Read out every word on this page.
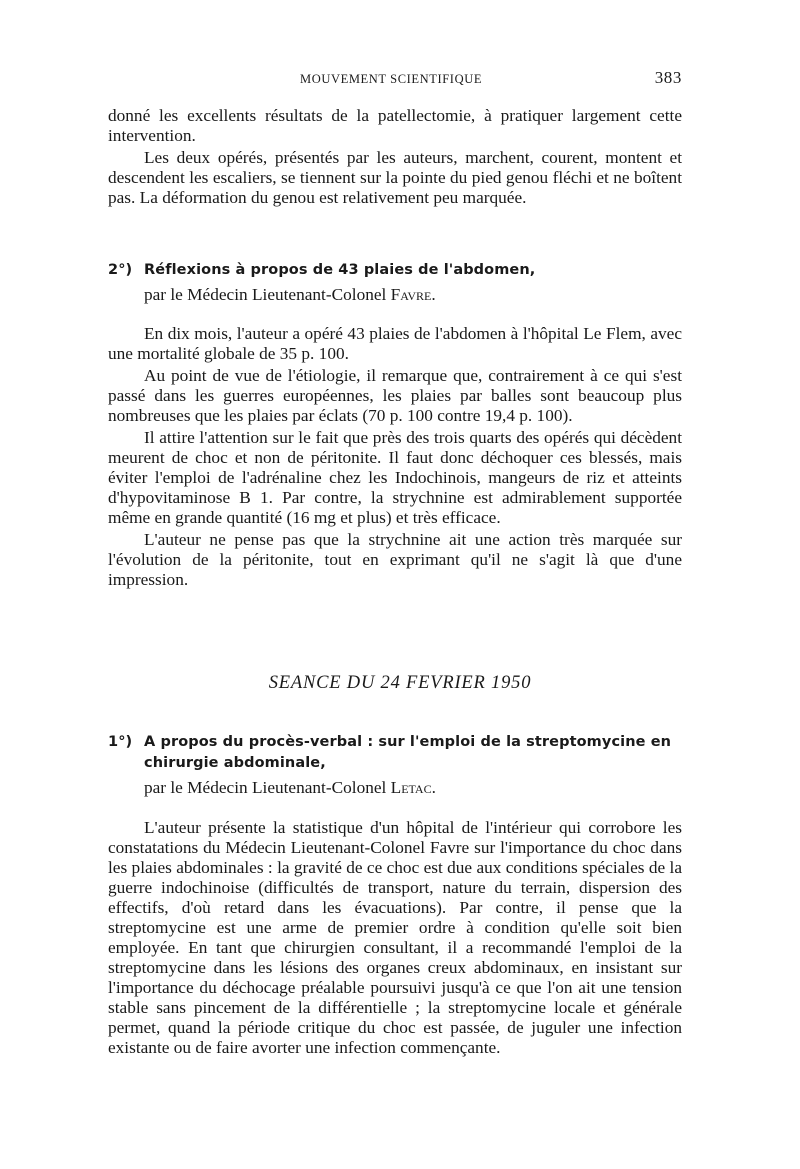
MOUVEMENT SCIENTIFIQUE	383

donné les excellents résultats de la patellectomie, à pratiquer largement cette intervention.

Les deux opérés, présentés par les auteurs, marchent, courent, montent et descendent les escaliers, se tiennent sur la pointe du pied genou fléchi et ne boîtent pas. La déformation du genou est relativement peu marquée.

2°) Réflexions à propos de 43 plaies de l'abdomen,
par le Médecin Lieutenant-Colonel Favre.

En dix mois, l'auteur a opéré 43 plaies de l'abdomen à l'hôpital Le Flem, avec une mortalité globale de 35 p. 100.

Au point de vue de l'étiologie, il remarque que, contrairement à ce qui s'est passé dans les guerres européennes, les plaies par balles sont beaucoup plus nombreuses que les plaies par éclats (70 p. 100 contre 19,4 p. 100).

Il attire l'attention sur le fait que près des trois quarts des opérés qui décèdent meurent de choc et non de péritonite. Il faut donc déchoquer ces blessés, mais éviter l'emploi de l'adrénaline chez les Indochinois, mangeurs de riz et atteints d'hypovitaminose B 1. Par contre, la strychnine est admirablement supportée même en grande quantité (16 mg et plus) et très efficace.

L'auteur ne pense pas que la strychnine ait une action très marquée sur l'évolution de la péritonite, tout en exprimant qu'il ne s'agit là que d'une impression.

SEANCE DU 24 FEVRIER 1950
1°) A propos du procès-verbal : sur l'emploi de la streptomycine en
chirurgie abdominale,
par le Médecin Lieutenant-Colonel Letac.

L'auteur présente la statistique d'un hôpital de l'intérieur qui corrobore les constatations du Médecin Lieutenant-Colonel Favre sur l'importance du choc dans les plaies abdominales : la gravité de ce choc est due aux conditions spéciales de la guerre indochinoise (difficultés de transport, nature du terrain, dispersion des effectifs, d'où retard dans les évacuations). Par contre, il pense que la streptomycine est une arme de premier ordre à condition qu'elle soit bien employée. En tant que chirurgien consultant, il a recommandé l'emploi de la streptomycine dans les lésions des organes creux abdominaux, en insistant sur l'importance du déchocage préalable poursuivi jusqu'à ce que l'on ait une tension stable sans pincement de la différentielle ; la streptomycine locale et générale permet, quand la période critique du choc est passée, de juguler une infection existante ou de faire avorter une infection commençante.
